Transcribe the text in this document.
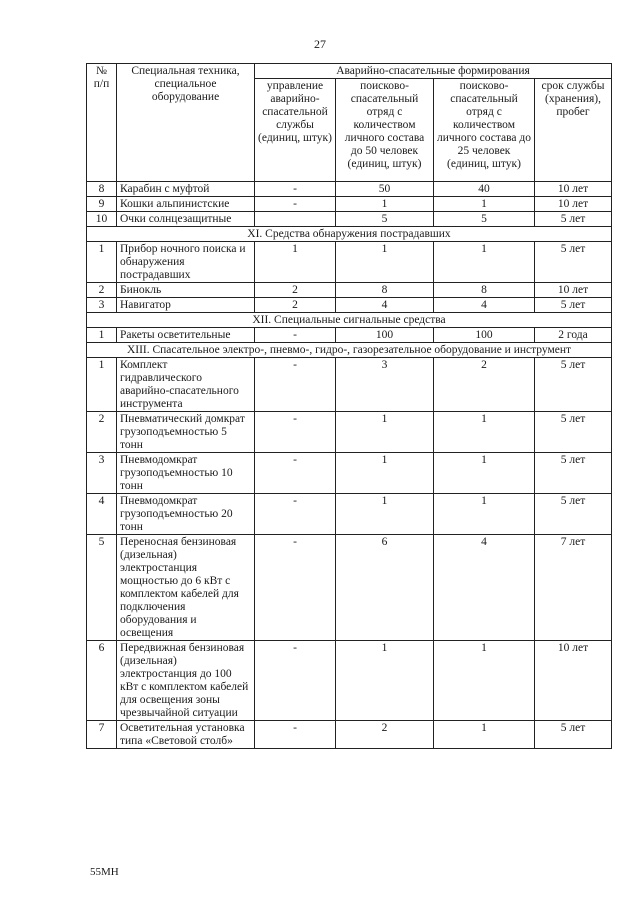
27
№ п/п	Специальная техника, специальное оборудование	Аварийно-спасательные формирования			
		управление аварийно-спасательной службы (единиц, штук)	поисково-спасательный отряд с количеством личного состава до 50 человек (единиц, штук)	поисково-спасательный отряд с количеством личного состава до 25 человек (единиц, штук)	срок службы (хранения), пробег
8	Карабин с муфтой	-	50	40	10 лет
9	Кошки альпинистские	-	1	1	10 лет
10	Очки солнцезащитные		5	5	5 лет
XI. Средства обнаружения пострадавших					
1	Прибор ночного поиска и обнаружения пострадавших	1	1	1	5 лет
2	Бинокль	2	8	8	10 лет
3	Навигатор	2	4	4	5 лет
XII. Специальные сигнальные средства					
1	Ракеты осветительные	-	100	100	2 года
XIII. Спасательное электро-, пневмо-, гидро-, газорезательное оборудование и инструмент					
1	Комплект гидравлического аварийно-спасательного инструмента	-	3	2	5 лет
2	Пневматический домкрат грузоподъемностью 5 тонн	-	1	1	5 лет
3	Пневмодомкрат грузоподъемностью 10 тонн	-	1	1	5 лет
4	Пневмодомкрат грузоподъемностью 20 тонн	-	1	1	5 лет
5	Переносная бензиновая (дизельная) электростанция мощностью до 6 кВт с комплектом кабелей для подключения оборудования и освещения	-	6	4	7 лет
6	Передвижная бензиновая (дизельная) электростанция до 100 кВт с комплектом кабелей для освещения зоны чрезвычайной ситуации	-	1	1	10 лет
7	Осветительная установка типа «Световой столб»	-	2	1	5 лет
55МН
